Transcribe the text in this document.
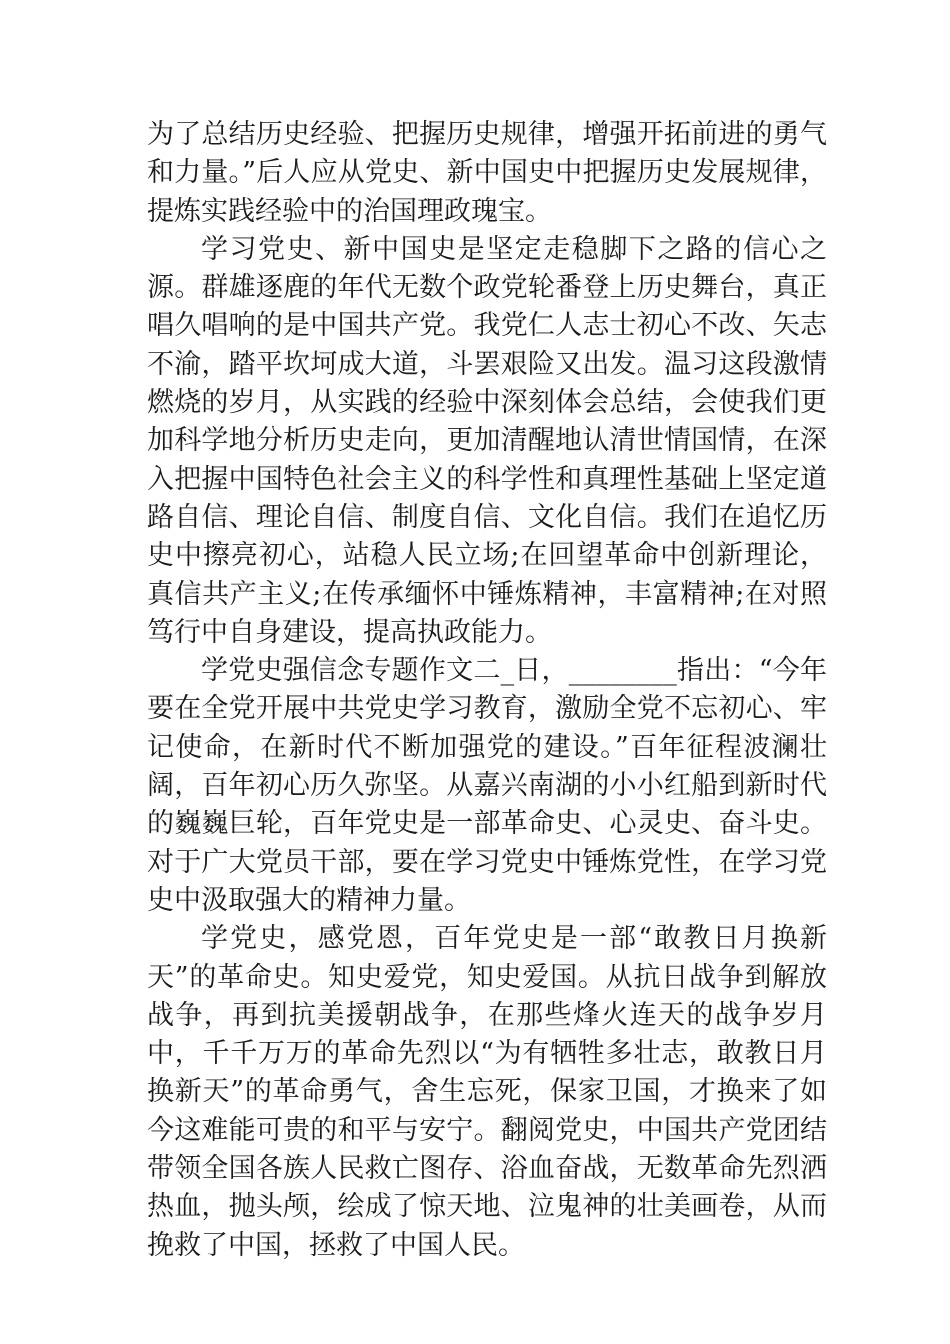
为了总结历史经验、把握历史规律，增强开拓前进的勇气和力量。”后人应从党史、新中国史中把握历史发展规律，提炼实践经验中的治国理政瑰宝。

学习党史、新中国史是坚定走稳脚下之路的信心之源。群雄逐鹿的年代无数个政党轮番登上历史舞台，真正唱久唱响的是中国共产党。我党仁人志士初心不改、矢志不渝，踏平坎坷成大道，斗罢艰险又出发。温习这段激情燃烧的岁月，从实践的经验中深刻体会总结，会使我们更加科学地分析历史走向，更加清醒地认清世情国情，在深入把握中国特色社会主义的科学性和真理性基础上坚定道路自信、理论自信、制度自信、文化自信。我们在追忆历史中擦亮初心，站稳人民立场;在回望革命中创新理论，真信共产主义;在传承缅怀中锤炼精神，丰富精神;在对照笃行中自身建设，提高执政能力。

学党史强信念专题作文二_日，________指出：“今年要在全党开展中共党史学习教育，激励全党不忘初心、牢记使命，在新时代不断加强党的建设。”百年征程波澜壮阔，百年初心历久弥坚。从嘉兴南湖的小小红船到新时代的巍巍巨轮，百年党史是一部革命史、心灵史、奋斗史。对于广大党员干部，要在学习党史中锤炼党性，在学习党史中汲取强大的精神力量。

学党史，感党恩，百年党史是一部“敢教日月换新天”的革命史。知史爱党，知史爱国。从抗日战争到解放战争，再到抗美援朝战争，在那些烽火连天的战争岁月中，千千万万的革命先烈以“为有牺牲多壮志，敢教日月换新天”的革命勇气，舍生忘死，保家卫国，才换来了如今这难能可贵的和平与安宁。翻阅党史，中国共产党团结带领全国各族人民救亡图存、浴血奋战，无数革命先烈洒热血，抛头颅，绘成了惊天地、泣鬼神的壮美画卷，从而挽救了中国，拯救了中国人民。
